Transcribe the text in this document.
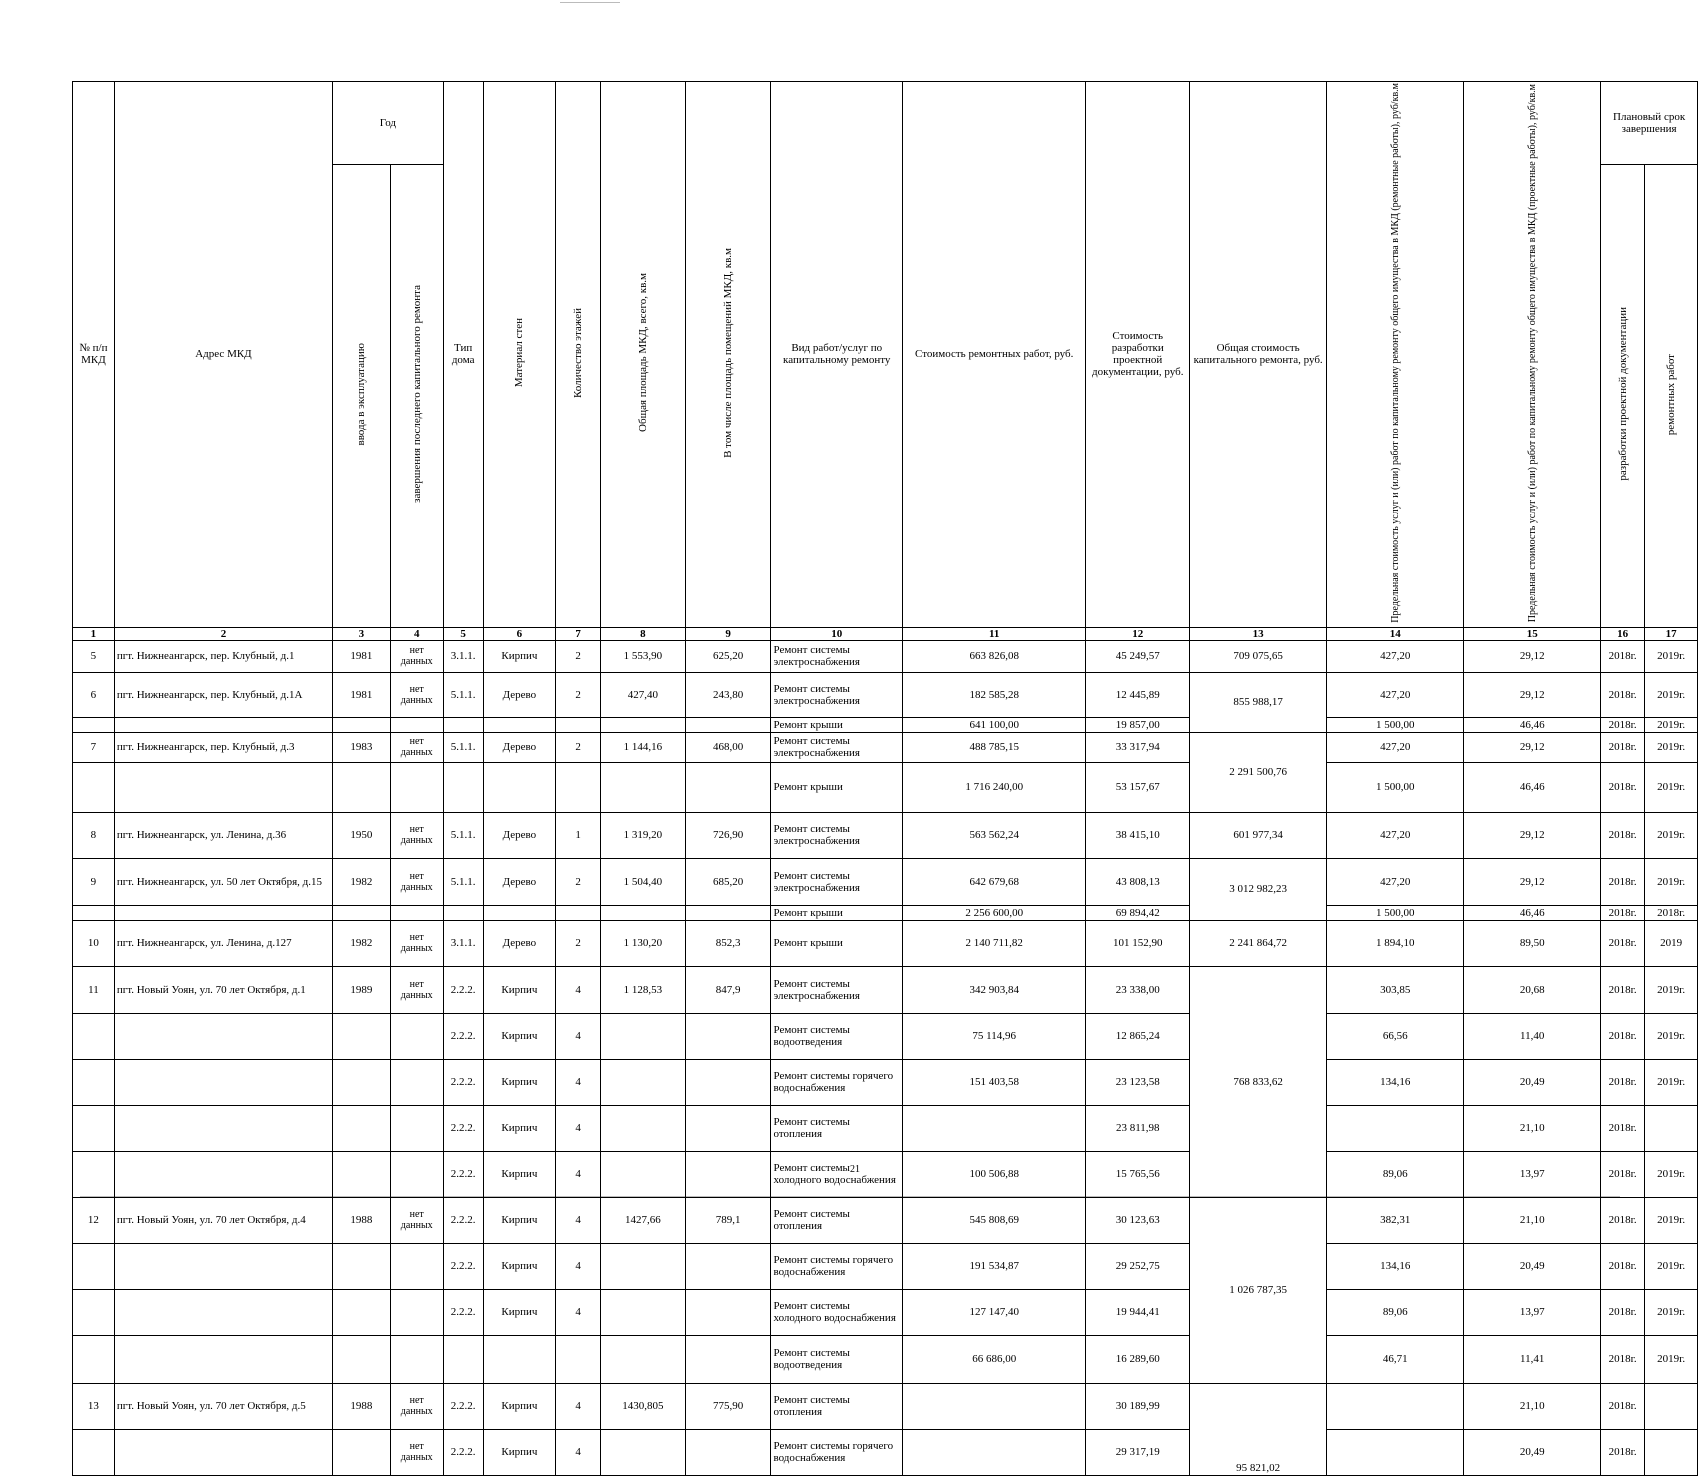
№ п/п МКД	Адрес МКД	Год		Тип дома	Материал стен	Количество этажей	Общая площадь МКД, всего, кв.м	В том числе площадь помещений МКД, кв.м	Вид работ/услуг по капитальному ремонту	Стоимость ремонтных работ, руб.	Стоимость разработки проектной документации, руб.	Общая стоимость капитального ремонта, руб.	Предельная стоимость услуг и (или) работ по капитальному ремонту общего имущества в МКД (ремонтные работы), руб/кв.м	Предельная стоимость услуг и (или) работ по капитальному ремонту общего имущества в МКД (проектные работы), руб/кв.м	Плановый срок завершения	
		ввода в эксплуатацию	завершения последнего капитального ремонта												разработки проектной документации	ремонтных работ
1	2	3	4	5	6	7	8	9	10	11	12	13	14	15	16	17
5	пгт. Нижнеангарск, пер. Клубный, д.1	1981	нет данных	3.1.1.	Кирпич	2	1 553,90	625,20	Ремонт системы электроснабжения	663 826,08	45 249,57	709 075,65	427,20	29,12	2018г.	2019г.
6	пгт. Нижнеангарск, пер. Клубный, д.1А	1981	нет данных	5.1.1.	Дерево	2	427,40	243,80	Ремонт системы электроснабжения	182 585,28	12 445,89	855 988,17	427,20	29,12	2018г.	2019г.
									Ремонт крыши	641 100,00	19 857,00		1 500,00	46,46	2018г.	2019г.
7	пгт. Нижнеангарск, пер. Клубный, д.3	1983	нет данных	5.1.1.	Дерево	2	1 144,16	468,00	Ремонт системы электроснабжения	488 785,15	33 317,94	2 291 500,76	427,20	29,12	2018г.	2019г.
									Ремонт крыши	1 716 240,00	53 157,67		1 500,00	46,46	2018г.	2019г.
8	пгт. Нижнеангарск, ул. Ленина, д.36	1950	нет данных	5.1.1.	Дерево	1	1 319,20	726,90	Ремонт системы электроснабжения	563 562,24	38 415,10	601 977,34	427,20	29,12	2018г.	2019г.
9	пгт. Нижнеангарск, ул. 50 лет Октября, д.15	1982	нет данных	5.1.1.	Дерево	2	1 504,40	685,20	Ремонт системы электроснабжения	642 679,68	43 808,13	3 012 982,23	427,20	29,12	2018г.	2019г.
									Ремонт крыши	2 256 600,00	69 894,42		1 500,00	46,46	2018г.	2018г.
10	пгт. Нижнеангарск, ул. Ленина, д.127	1982	нет данных	3.1.1.	Дерево	2	1 130,20	852,3	Ремонт крыши	2 140 711,82	101 152,90	2 241 864,72	1 894,10	89,50	2018г.	2019
11	пгт. Новый Уоян, ул. 70 лет Октября, д.1	1989	нет данных	2.2.2.	Кирпич	4	1 128,53	847,9	Ремонт системы электроснабжения	342 903,84	23 338,00	768 833,62	303,85	20,68	2018г.	2019г.
				2.2.2.	Кирпич	4			Ремонт системы водоотведения	75 114,96	12 865,24		66,56	11,40	2018г.	2019г.
				2.2.2.	Кирпич	4			Ремонт системы горячего водоснабжения	151 403,58	23 123,58		134,16	20,49	2018г.	2019г.
				2.2.2.	Кирпич	4			Ремонт системы отопления		23 811,98			21,10	2018г.	
				2.2.2.	Кирпич	4			Ремонт системы холодного водоснабжения	100 506,88	15 765,56		89,06	13,97	2018г.	2019г.
12	пгт. Новый Уоян, ул. 70 лет Октября, д.4	1988	нет данных	2.2.2.	Кирпич	4	1427,66	789,1	Ремонт системы отопления	545 808,69	30 123,63	1 026 787,35	382,31	21,10	2018г.	2019г.
				2.2.2.	Кирпич	4			Ремонт системы горячего водоснабжения	191 534,87	29 252,75		134,16	20,49	2018г.	2019г.
				2.2.2.	Кирпич	4			Ремонт системы холодного водоснабжения	127 147,40	19 944,41		89,06	13,97	2018г.	2019г.
									Ремонт системы водоотведения	66 686,00	16 289,60		46,71	11,41	2018г.	2019г.
13	пгт. Новый Уоян, ул. 70 лет Октября, д.5	1988	нет данных	2.2.2.	Кирпич	4	1430,805	775,90	Ремонт системы отопления		30 189,99	95 821,02		21,10	2018г.	
			нет данных	2.2.2.	Кирпич	4			Ремонт системы горячего водоснабжения		29 317,19			20,49	2018г.	
21
